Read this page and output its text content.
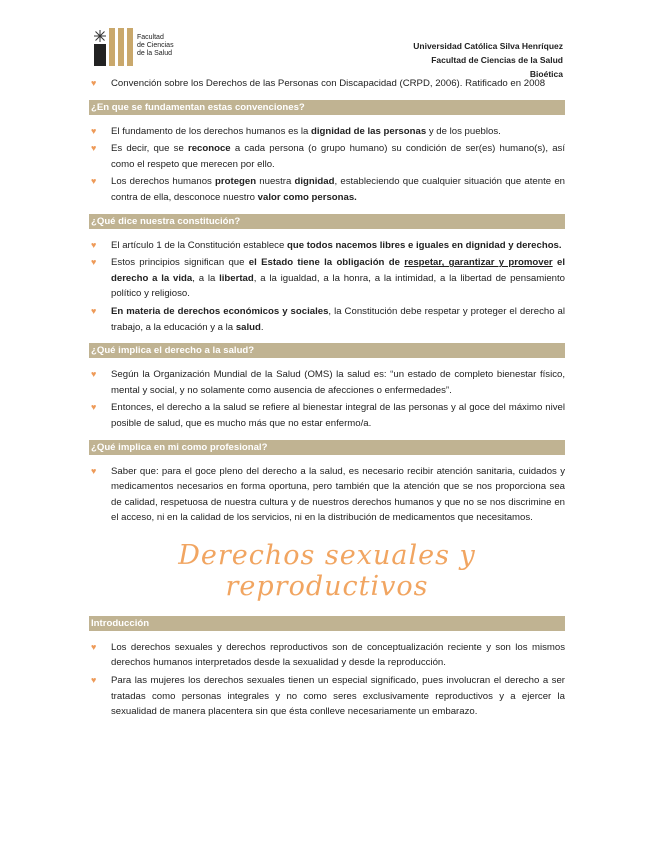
Facultad
de Ciencias
de la Salud
Universidad Católica Silva Henríquez
Facultad de Ciencias de la Salud
Bioética
♥ Convención sobre los Derechos de las Personas con Discapacidad (CRPD, 2006). Ratificado en 2008
¿En que se fundamentan estas convenciones?
♥ El fundamento de los derechos humanos es la dignidad de las personas y de los pueblos.
♥ Es decir, que se reconoce a cada persona (o grupo humano) su condición de ser(es) humano(s), así como el respeto que merecen por ello.
♥ Los derechos humanos protegen nuestra dignidad, estableciendo que cualquier situación que atente en contra de ella, desconoce nuestro valor como personas.
¿Qué dice nuestra constitución?
♥ El artículo 1 de la Constitución establece que todos nacemos libres e iguales en dignidad y derechos.
♥ Estos principios significan que el Estado tiene la obligación de respetar, garantizar y promover el derecho a la vida, a la libertad, a la igualdad, a la honra, a la intimidad, a la libertad de pensamiento político y religioso.
♥ En materia de derechos económicos y sociales, la Constitución debe respetar y proteger el derecho al trabajo, a la educación y a la salud.
¿Qué implica el derecho a la salud?
♥ Según la Organización Mundial de la Salud (OMS) la salud es: “un estado de completo bienestar físico, mental y social, y no solamente como ausencia de afecciones o enfermedades”.
♥ Entonces, el derecho a la salud se refiere al bienestar integral de las personas y al goce del máximo nivel posible de salud, que es mucho más que no estar enfermo/a.
¿Qué implica en mi como profesional?
♥ Saber que: para el goce pleno del derecho a la salud, es necesario recibir atención sanitaria, cuidados y medicamentos necesarios en forma oportuna, pero también que la atención que se nos proporciona sea de calidad, respetuosa de nuestra cultura y de nuestros derechos humanos y que no se nos discrimine en el acceso, ni en la calidad de los servicios, ni en la distribución de medicamentos que necesitamos.
Derechos sexuales y reproductivos
Introducción
♥ Los derechos sexuales y derechos reproductivos son de conceptualización reciente y son los mismos derechos humanos interpretados desde la sexualidad y desde la reproducción.
♥ Para las mujeres los derechos sexuales tienen un especial significado, pues involucran el derecho a ser tratadas como personas integrales y no como seres exclusivamente reproductivos y a ejercer la sexualidad de manera placentera sin que ésta conlleve necesariamente un embarazo.
